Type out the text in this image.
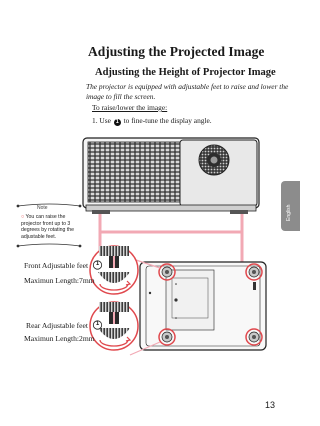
Adjusting the Projected Image
Adjusting the Height of Projector Image
The projector is equipped with adjustable feet to raise and lower the image to fill the screen.
To raise/lower the image:
1. Use 1 to fine-tune the display angle.
English
1
1
Note
○ You can raise the projector front up to 3 degrees by rotating the adjustable feet.
Front Adjustable feet
Maximun Length:7mm
Rear Adjustable feet
Maximun Length:2mm
13
